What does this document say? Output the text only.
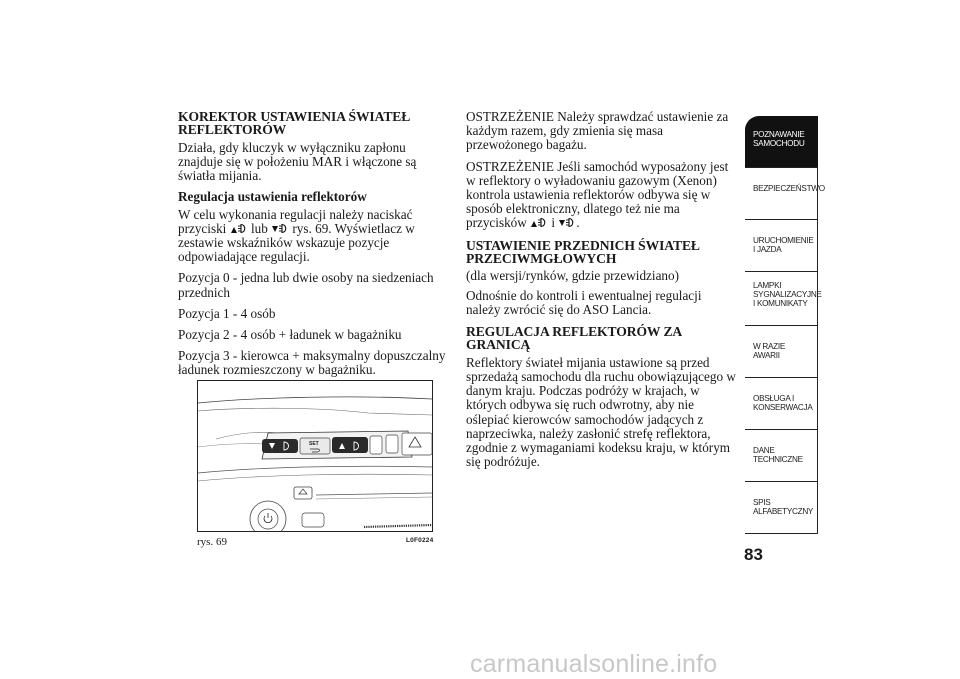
KOREKTOR USTAWIENIA ŚWIATEŁ REFLEKTORÓW

Działa, gdy kluczyk w wyłączniku zapłonu znajduje się w położeniu MAR i włączone są światła mijania.

Regulacja ustawienia reflektorów

W celu wykonania regulacji należy naciskać przyciski lub rys. 69. Wyświetlacz w zestawie wskaźników wskazuje pozycje odpowiadające regulacji.

Pozycja 0 - jedna lub dwie osoby na siedzeniach przednich

Pozycja 1 - 4 osób

Pozycja 2 - 4 osób + ładunek w bagażniku

Pozycja 3 - kierowca + maksymalny dopuszczalny ładunek rozmieszczony w bagażniku.

OSTRZEŻENIE Należy sprawdzać ustawienie za każdym razem, gdy zmienia się masa przewożonego bagażu.

OSTRZEŻENIE Jeśli samochód wyposażony jest w reflektory o wyładowaniu gazowym (Xenon) kontrola ustawienia reflektorów odbywa się w sposób elektroniczny, dlatego też nie ma przycisków i .

USTAWIENIE PRZEDNICH ŚWIATEŁ PRZECIWMGŁOWYCH

(dla wersji/rynków, gdzie przewidziano)

Odnośnie do kontroli i ewentualnej regulacji należy zwrócić się do ASO Lancia.

REGULACJA REFLEKTORÓW ZA GRANICĄ

Reflektory świateł mijania ustawione są przed sprzedażą samochodu dla ruchu obowiązującego w danym kraju. Podczas podróży w krajach, w których odbywa się ruch odwrotny, aby nie oślepiać kierowców samochodów jadących z naprzeciwka, należy zasłonić strefę reflektora, zgodnie z wymaganiami kodeksu kraju, w którym się podróżuje.

SET
rys. 69	L0F0224
POZNAWANIE SAMOCHODU
BEZPIECZEŃSTWO
URUCHOMIENIE I JAZDA
LAMPKI SYGNALIZACYJNE I KOMUNIKATY
W RAZIE AWARII
OBSŁUGA I KONSERWACJA
DANE TECHNICZNE
SPIS ALFABETYCZNY
83
carmanualsonline.info
